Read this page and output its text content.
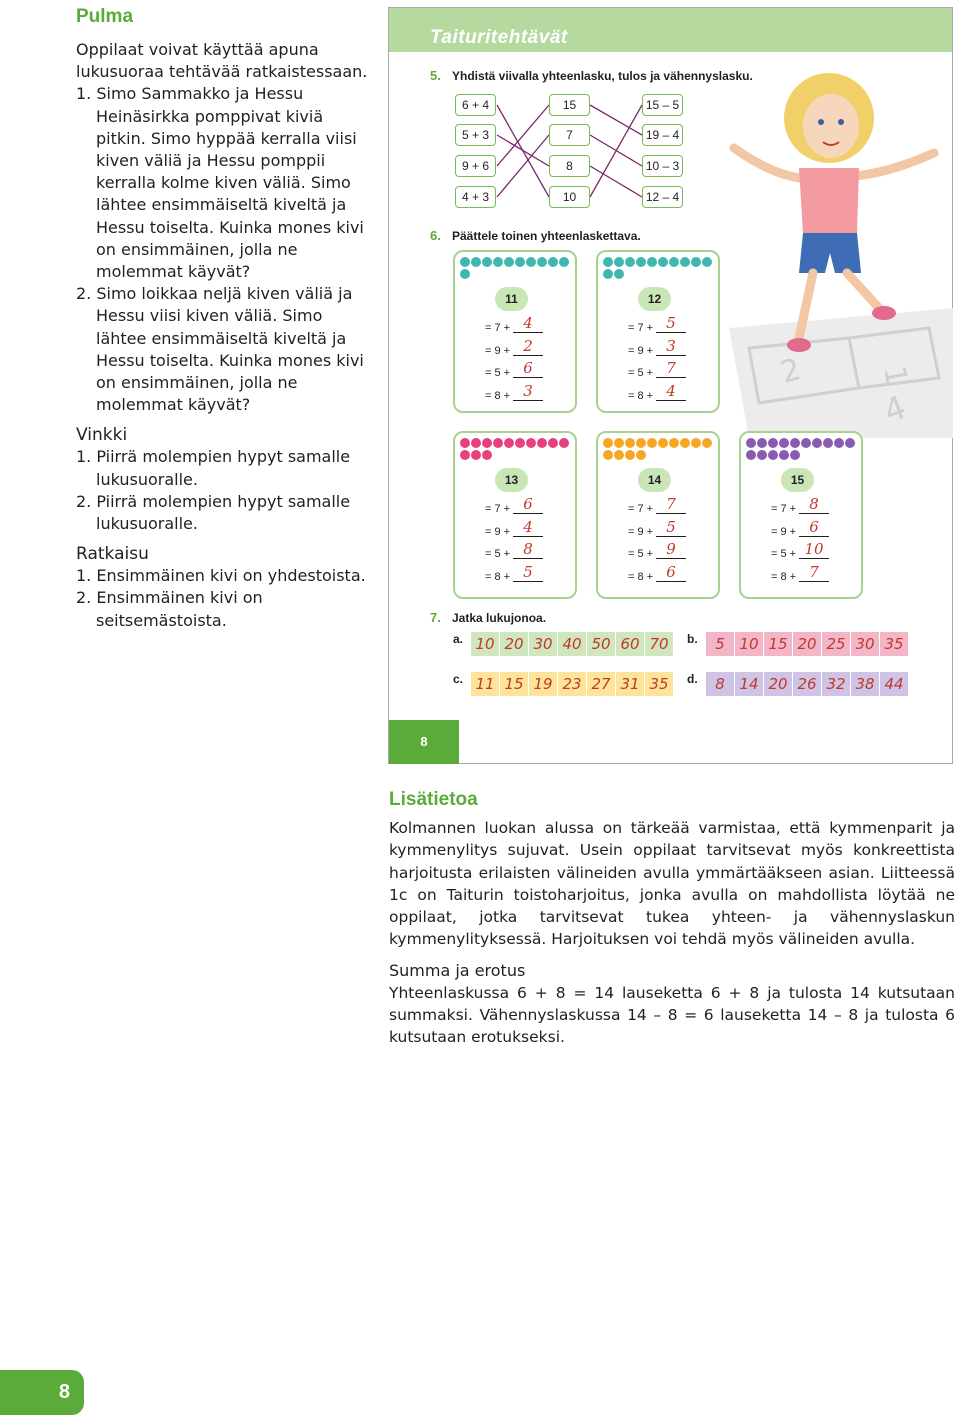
Pulma

Oppilaat voivat käyttää apuna lukusuoraa tehtävää ratkaistessaan.

1. Simo Sammakko ja Hessu Heinäsirkka pomppivat kiviä pitkin. Simo hyppää kerralla viisi kiven väliä ja Hessu pomppii kerralla kolme kiven väliä. Simo lähtee ensimmäiseltä kiveltä ja Hessu toiselta. Kuinka mones kivi on ensimmäinen, jolla ne molemmat käyvät?

2. Simo loikkaa neljä kiven väliä ja Hessu viisi kiven väliä. Simo lähtee ensimmäiseltä kiveltä ja Hessu toiselta. Kuinka mones kivi on ensimmäinen, jolla ne molemmat käyvät?

Vinkki

1. Piirrä molempien hypyt samalle lukusuoralle.

2. Piirrä molempien hypyt samalle lukusuoralle.

Ratkaisu

1. Ensimmäinen kivi on yhdestoista.

2. Ensimmäinen kivi on seitsemästoista.

Taituritehtävät
2 1
4
5. Yhdistä viivalla yhteenlasku, tulos ja vähennyslasku.
6 + 4
5 + 3
9 + 6
4 + 3
15
7
8
10
15 – 5
19 – 4
10 – 3
12 – 4
6. Päättele toinen yhteenlaskettava.

11
= 7 + 4
= 9 + 2
= 5 + 6
= 8 + 3

12
= 7 + 5
= 9 + 3
= 5 + 7
= 8 + 4

13
= 7 + 6
= 9 + 4
= 5 + 8
= 8 + 5

14
= 7 + 7
= 9 + 5
= 5 + 9
= 8 + 6

15
= 7 + 8
= 9 + 6
= 5 + 10
= 8 + 7
7. Jatka lukujonoa.
a. 10 20 30 40 50 60 70	b.	5 10 15 20 25 30 35
c. 11 15 19 23 27 31 35	d.	8 14 20 26 32 38 44
8
Lisätietoa

Kolmannen luokan alussa on tärkeää varmistaa, että kymmenparit ja kymmenylitys sujuvat. Usein oppilaat tarvitsevat myös konkreettista harjoitusta erilaisten välineiden avulla ymmärtääkseen asian. Liitteessä 1c on Taiturin toistoharjoitus, jonka avulla on mahdollista löytää ne oppilaat, jotka tarvitsevat tukea yhteen- ja vähennyslaskun kymmenylityksessä. Harjoituksen voi tehdä myös välineiden avulla.

Summa ja erotus

Yhteenlaskussa 6 + 8 = 14 lauseketta 6 + 8 ja tulosta 14 kutsutaan summaksi. Vähennyslaskussa 14 – 8 = 6 lauseketta 14 – 8 ja tulosta 6 kutsutaan erotukseksi.

8
